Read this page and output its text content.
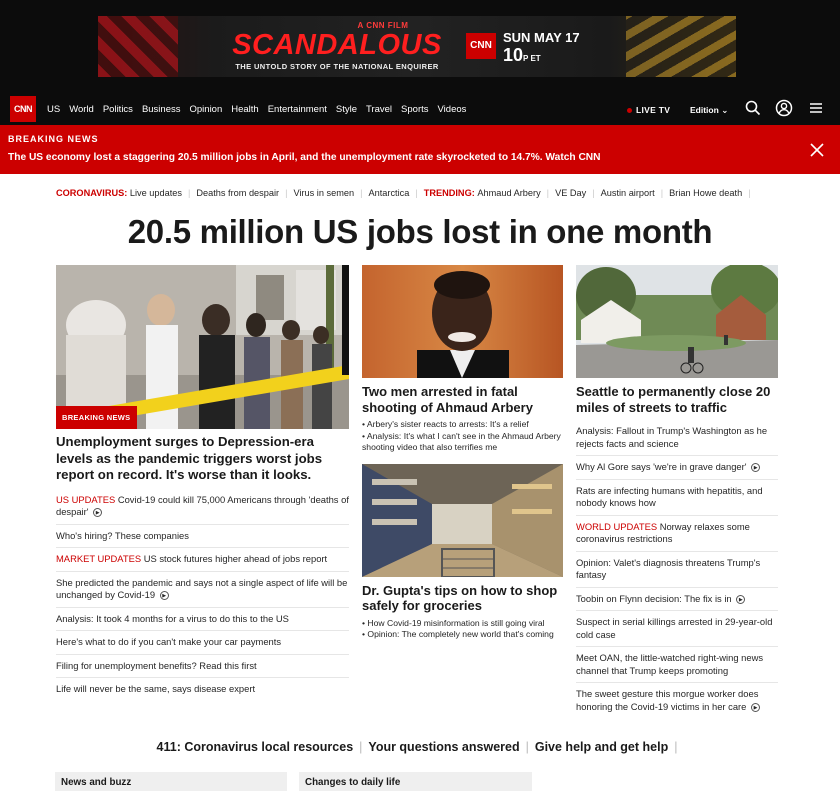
A CNN FILM
SCANDALOUS
THE UNTOLD STORY OF THE NATIONAL ENQUIRER
CNN
SUN MAY 17
10P ET
CNN	US World Politics Business Opinion Health Entertainment Style Travel Sports Videos	LIVE TV Edition ⌄
BREAKING NEWS
The US economy lost a staggering 20.5 million jobs in April, and the unemployment rate skyrocketed to 14.7%. Watch CNN
CORONAVIRUS:
Live updates | Deaths from despair | Virus in semen | Antarctica | TRENDING:
Ahmaud Arbery | VE Day | Austin airport | Brian Howe death |
20.5 million US jobs lost in one month
BREAKING NEWS
Unemployment surges to Depression-era levels as the pandemic triggers worst jobs report on record. It's worse than it looks.
US UPDATES Covid-19 could kill 75,000 Americans through 'deaths of despair' ▶
Who's hiring? These companies
MARKET UPDATES US stock futures higher ahead of jobs report
She predicted the pandemic and says not a single aspect of life will be unchanged by Covid-19 ▶
Analysis: It took 4 months for a virus to do this to the US
Here's what to do if you can't make your car payments
Filing for unemployment benefits? Read this first
Life will never be the same, says disease expert
Two men arrested in fatal shooting of Ahmaud Arbery
• Arbery's sister reacts to arrests: It's a relief
• Analysis: It's what I can't see in the Ahmaud Arbery shooting video that also terrifies me
Dr. Gupta's tips on how to shop safely for groceries
• How Covid-19 misinformation is still going viral
• Opinion: The completely new world that's coming
Seattle to permanently close 20 miles of streets to traffic
Analysis: Fallout in Trump's Washington as he rejects facts and science
Why Al Gore says 'we're in grave danger' ▶
Rats are infecting humans with hepatitis, and nobody knows how
WORLD UPDATES Norway relaxes some coronavirus restrictions
Opinion: Valet's diagnosis threatens Trump's fantasy
Toobin on Flynn decision: The fix is in ▶
Suspect in serial killings arrested in 29-year-old cold case
Meet OAN, the little-watched right-wing news channel that Trump keeps promoting
The sweet gesture this morgue worker does honoring the Covid-19 victims in her care ▶
411: Coronavirus local resources | Your questions answered | Give help and get help |
News and buzz	Changes to daily life
